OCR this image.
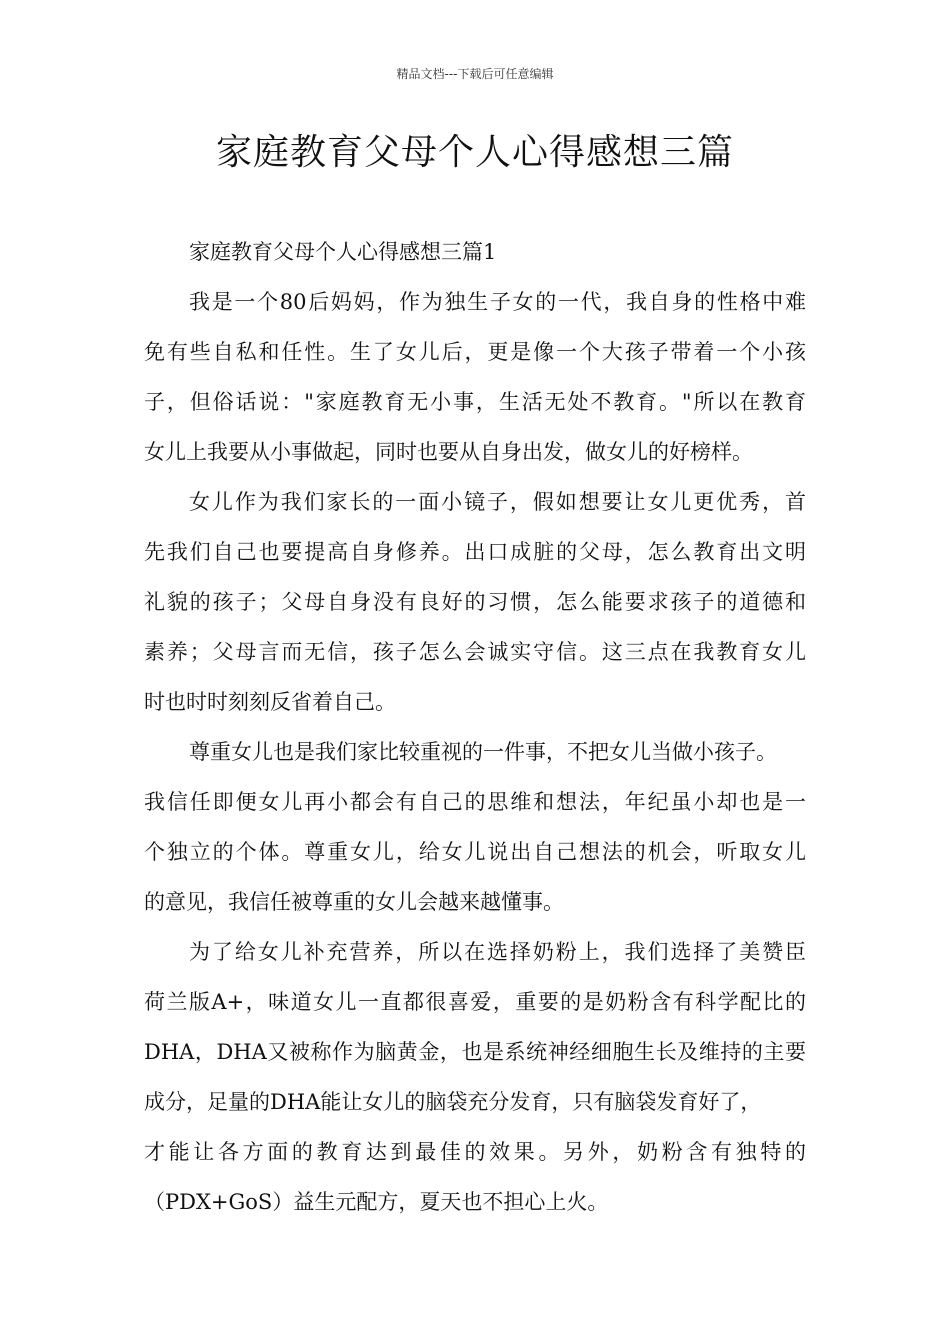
精品文档---下载后可任意编辑
家庭教育父母个人心得感想三篇
家庭教育父母个人心得感想三篇1
我是一个80后妈妈，作为独生子女的一代，我自身的性格中难
免有些自私和任性。生了女儿后，更是像一个大孩子带着一个小孩
子，但俗话说："家庭教育无小事，生活无处不教育。"所以在教育
女儿上我要从小事做起，同时也要从自身出发，做女儿的好榜样。
女儿作为我们家长的一面小镜子，假如想要让女儿更优秀，首
先我们自己也要提高自身修养。出口成脏的父母，怎么教育出文明
礼貌的孩子；父母自身没有良好的习惯，怎么能要求孩子的道德和
素养；父母言而无信，孩子怎么会诚实守信。这三点在我教育女儿
时也时时刻刻反省着自己。
尊重女儿也是我们家比较重视的一件事，不把女儿当做小孩子。
我信任即便女儿再小都会有自己的思维和想法，年纪虽小却也是一
个独立的个体。尊重女儿，给女儿说出自己想法的机会，听取女儿
的意见，我信任被尊重的女儿会越来越懂事。
为了给女儿补充营养，所以在选择奶粉上，我们选择了美赞臣
荷兰版A+，味道女儿一直都很喜爱，重要的是奶粉含有科学配比的
DHA，DHA又被称作为脑黄金，也是系统神经细胞生长及维持的主要
成分，足量的DHA能让女儿的脑袋充分发育，只有脑袋发育好了，
才能让各方面的教育达到最佳的效果。另外，奶粉含有独特的
（PDX+GoS）益生元配方，夏天也不担心上火。
